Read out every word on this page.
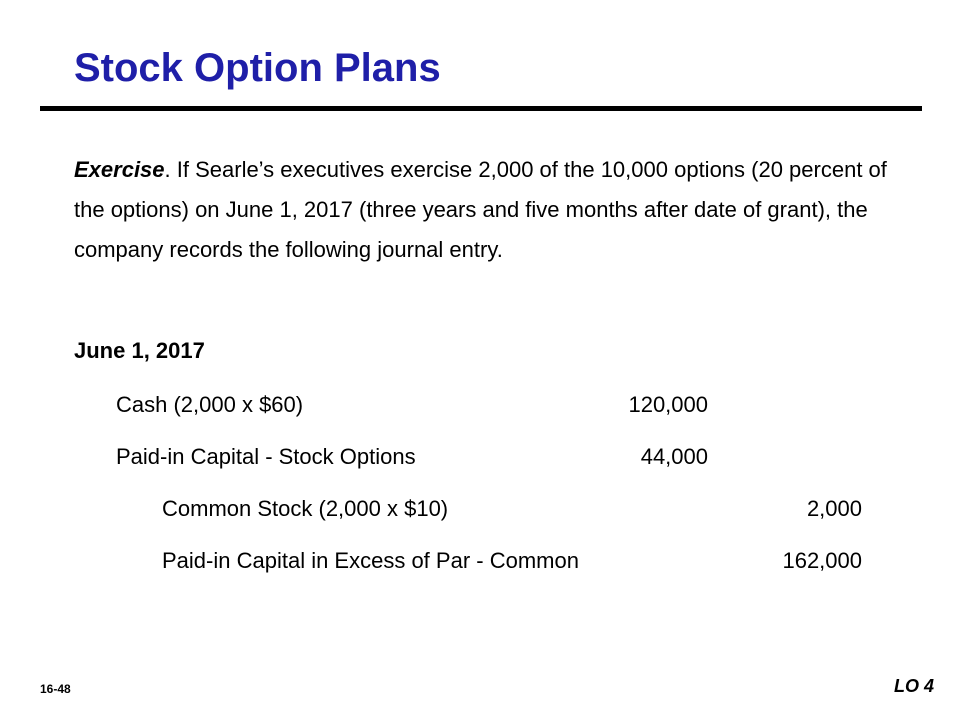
Stock Option Plans
Exercise. If Searle’s executives exercise 2,000 of the 10,000 options (20 percent of the options) on June 1, 2017 (three years and five months after date of grant), the company records the following journal entry.
June 1, 2017
Cash (2,000 x $60)	120,000
Paid-in Capital - Stock Options	44,000
Common Stock (2,000 x $10)	2,000
Paid-in Capital in Excess of Par - Common	162,000
16-48	LO 4
